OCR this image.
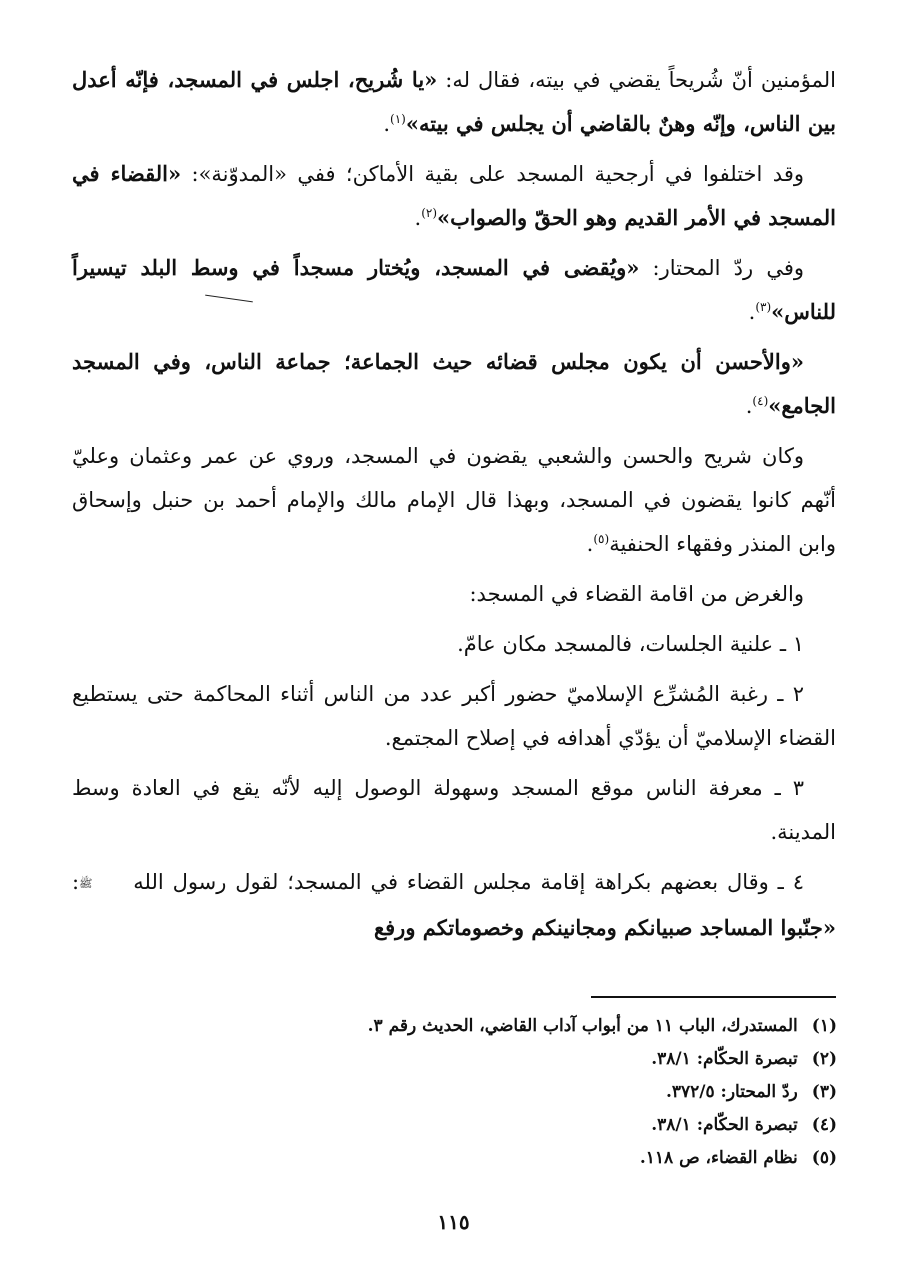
المؤمنين أنّ شُريحاً يقضي في بيته، فقال له: «يا شُريح، اجلس في المسجد، فإنّه أعدل بين الناس، وإنّه وهنٌ بالقاضي أن يجلس في بيته»$^{(١)}$.

وقد اختلفوا في أرجحية المسجد على بقية الأماكن؛ ففي «المدوّنة»: «القضاء في المسجد في الأمر القديم وهو الحقّ والصواب»$^{(٢)}$.

وفي ردّ المحتار: «ويُقضى في المسجد، ويُختار مسجداً في وسط البلد تيسيراً للناس»$^{(٣)}$.

«والأحسن أن يكون مجلس قضائه حيث الجماعة؛ جماعة الناس، وفي المسجد الجامع»$^{(٤)}$.

وكان شريح والحسن والشعبي يقضون في المسجد، وروي عن عمر وعثمان وعليّ أنّهم كانوا يقضون في المسجد، وبهذا قال الإمام مالك والإمام أحمد بن حنبل وإسحاق وابن المنذر وفقهاء الحنفية$^{(٥)}$.

والغرض من اقامة القضاء في المسجد:

١ ـ علنية الجلسات، فالمسجد مكان عامّ.

٢ ـ رغبة المُشرِّع الإسلاميّ حضور أكبر عدد من الناس أثناء المحاكمة حتى يستطيع القضاء الإسلاميّ أن يؤدّي أهدافه في إصلاح المجتمع.

٣ ـ معرفة الناس موقع المسجد وسهولة الوصول إليه لأنّه يقع في العادة وسط المدينة.

٤ ـ وقال بعضهم بكراهة إقامة مجلس القضاء في المسجد؛ لقول رسول الله ﷺ: «جنّبوا المساجد صبيانكم ومجانينكم وخصوماتكم ورفع

(١)
المستدرك، الباب ١١ من أبواب آداب القاضي، الحديث رقم ٣.
(٢)
تبصرة الحكّام: ٣٨/١.
(٣)
ردّ المحتار: ٣٧٢/٥.
(٤)
تبصرة الحكّام: ٣٨/١.
(٥)
نظام القضاء، ص ١١٨.
١١٥
